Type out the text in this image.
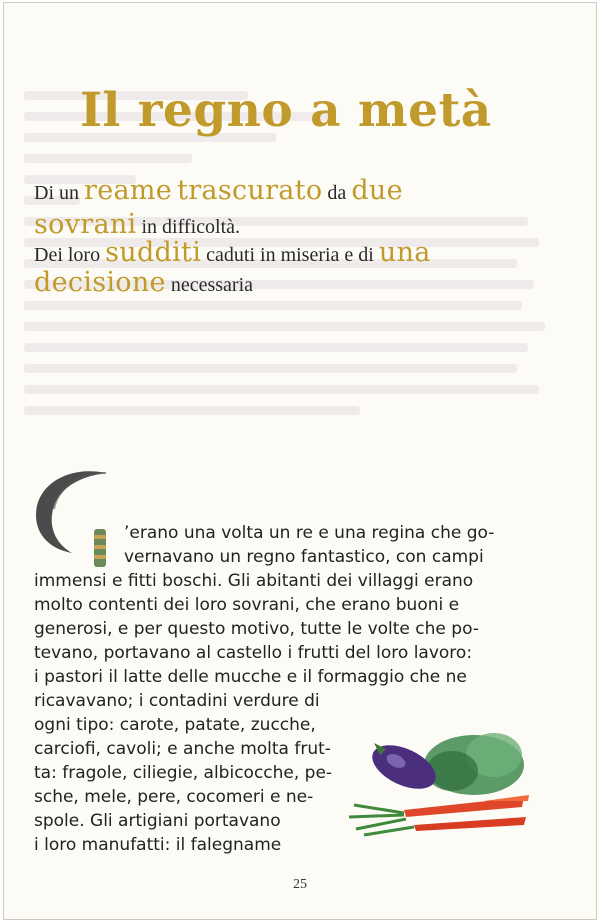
Il regno a metà
Di un reame trascurato da due
sovrani in difficoltà.
Dei loro sudditi caduti in miseria e di una
decisione necessaria
’erano una volta un re e una regina che go-
vernavano un regno fantastico, con campi
immensi e fitti boschi. Gli abitanti dei villaggi erano
molto contenti dei loro sovrani, che erano buoni e
generosi, e per questo motivo, tutte le volte che po-
tevano, portavano al castello i frutti del loro lavoro:
i pastori il latte delle mucche e il formaggio che ne
ricavavano; i contadini verdure di
ogni tipo: carote, patate, zucche,
carciofi, cavoli; e anche molta frut-
ta: fragole, ciliegie, albicocche, pe-
sche, mele, pere, cocomeri e ne-
spole. Gli artigiani portavano
i loro manufatti: il falegname
25
